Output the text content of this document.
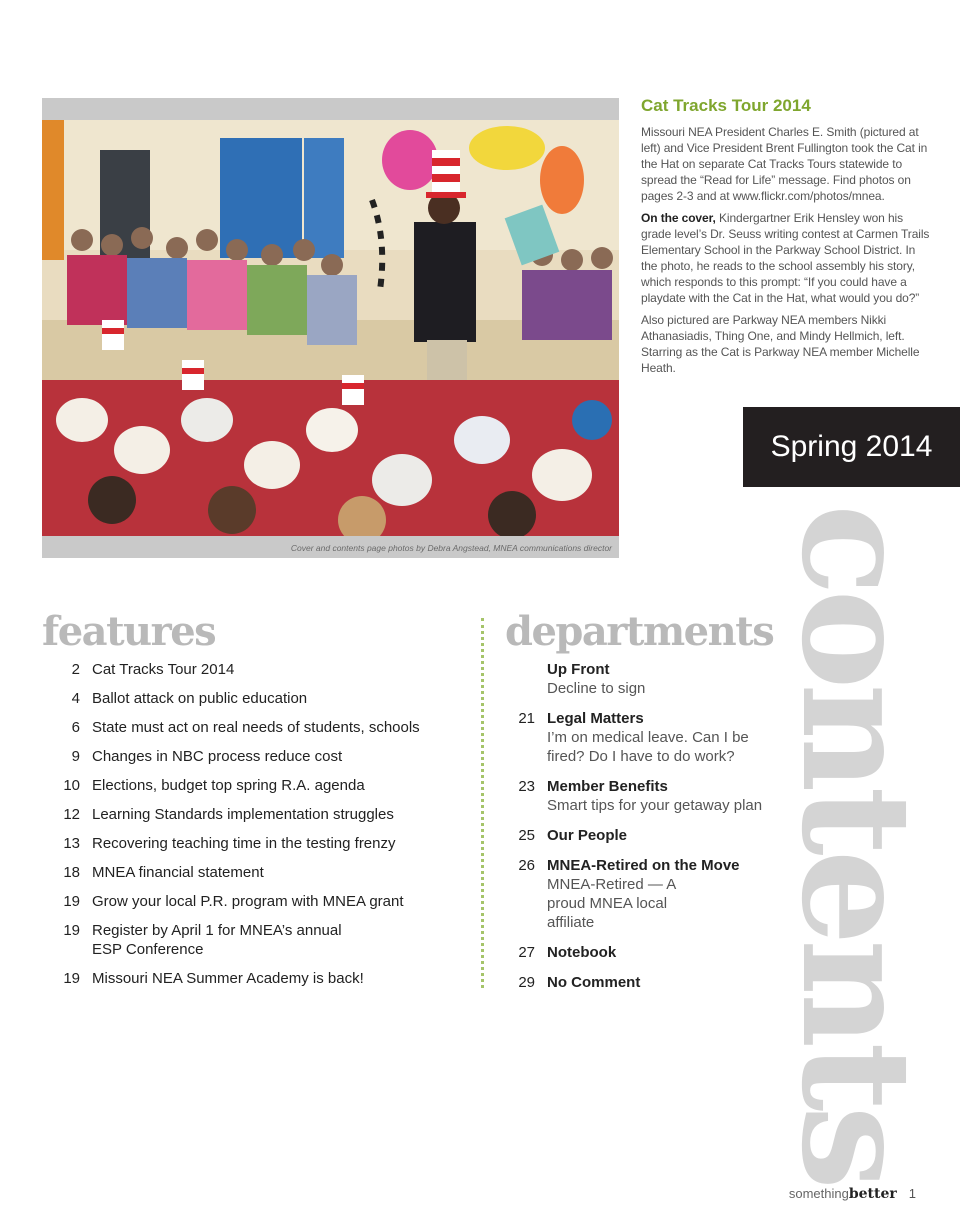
Cover and contents page photos by Debra Angstead, MNEA communications director
Cat Tracks Tour 2014

Missouri NEA President Charles E. Smith (pictured at left) and Vice President Brent Fullington took the Cat in the Hat on separate Cat Tracks Tours statewide to spread the “Read for Life” message. Find photos on pages 2-3 and at www.flickr.com/photos/mnea.

On the cover, Kindergartner Erik Hensley won his grade level’s Dr. Seuss writing contest at Carmen Trails Elementary School in the Parkway School District. In the photo, he reads to the school assembly his story, which responds to this prompt: “If you could have a playdate with the Cat in the Hat, what would you do?”

Also pictured are Parkway NEA members Nikki Athanasiadis, Thing One, and Mindy Hellmich, left. Starring as the Cat is Parkway NEA member Michelle Heath.

Spring 2014
contents
features
2 Cat Tracks Tour 2014
4 Ballot attack on public education
6 State must act on real needs of students, schools
9 Changes in NBC process reduce cost
10 Elections, budget top spring R.A. agenda
12 Learning Standards implementation struggles
13 Recovering teaching time in the testing frenzy
18 MNEA financial statement
19 Grow your local P.R. program with MNEA grant
19 Register by April 1 for MNEA’s annual ESP Conference
19 Missouri NEA Summer Academy is back!
departments
Up Front
Decline to sign
21 Legal Matters
I’m on medical leave. Can I be fired? Do I have to do work?
23 Member Benefits
Smart tips for your getaway plan
25 Our People
26 MNEA-Retired on the Move
MNEA-Retired — A proud MNEA local affiliate
27 Notebook
29 No Comment
somethingbetter 1
